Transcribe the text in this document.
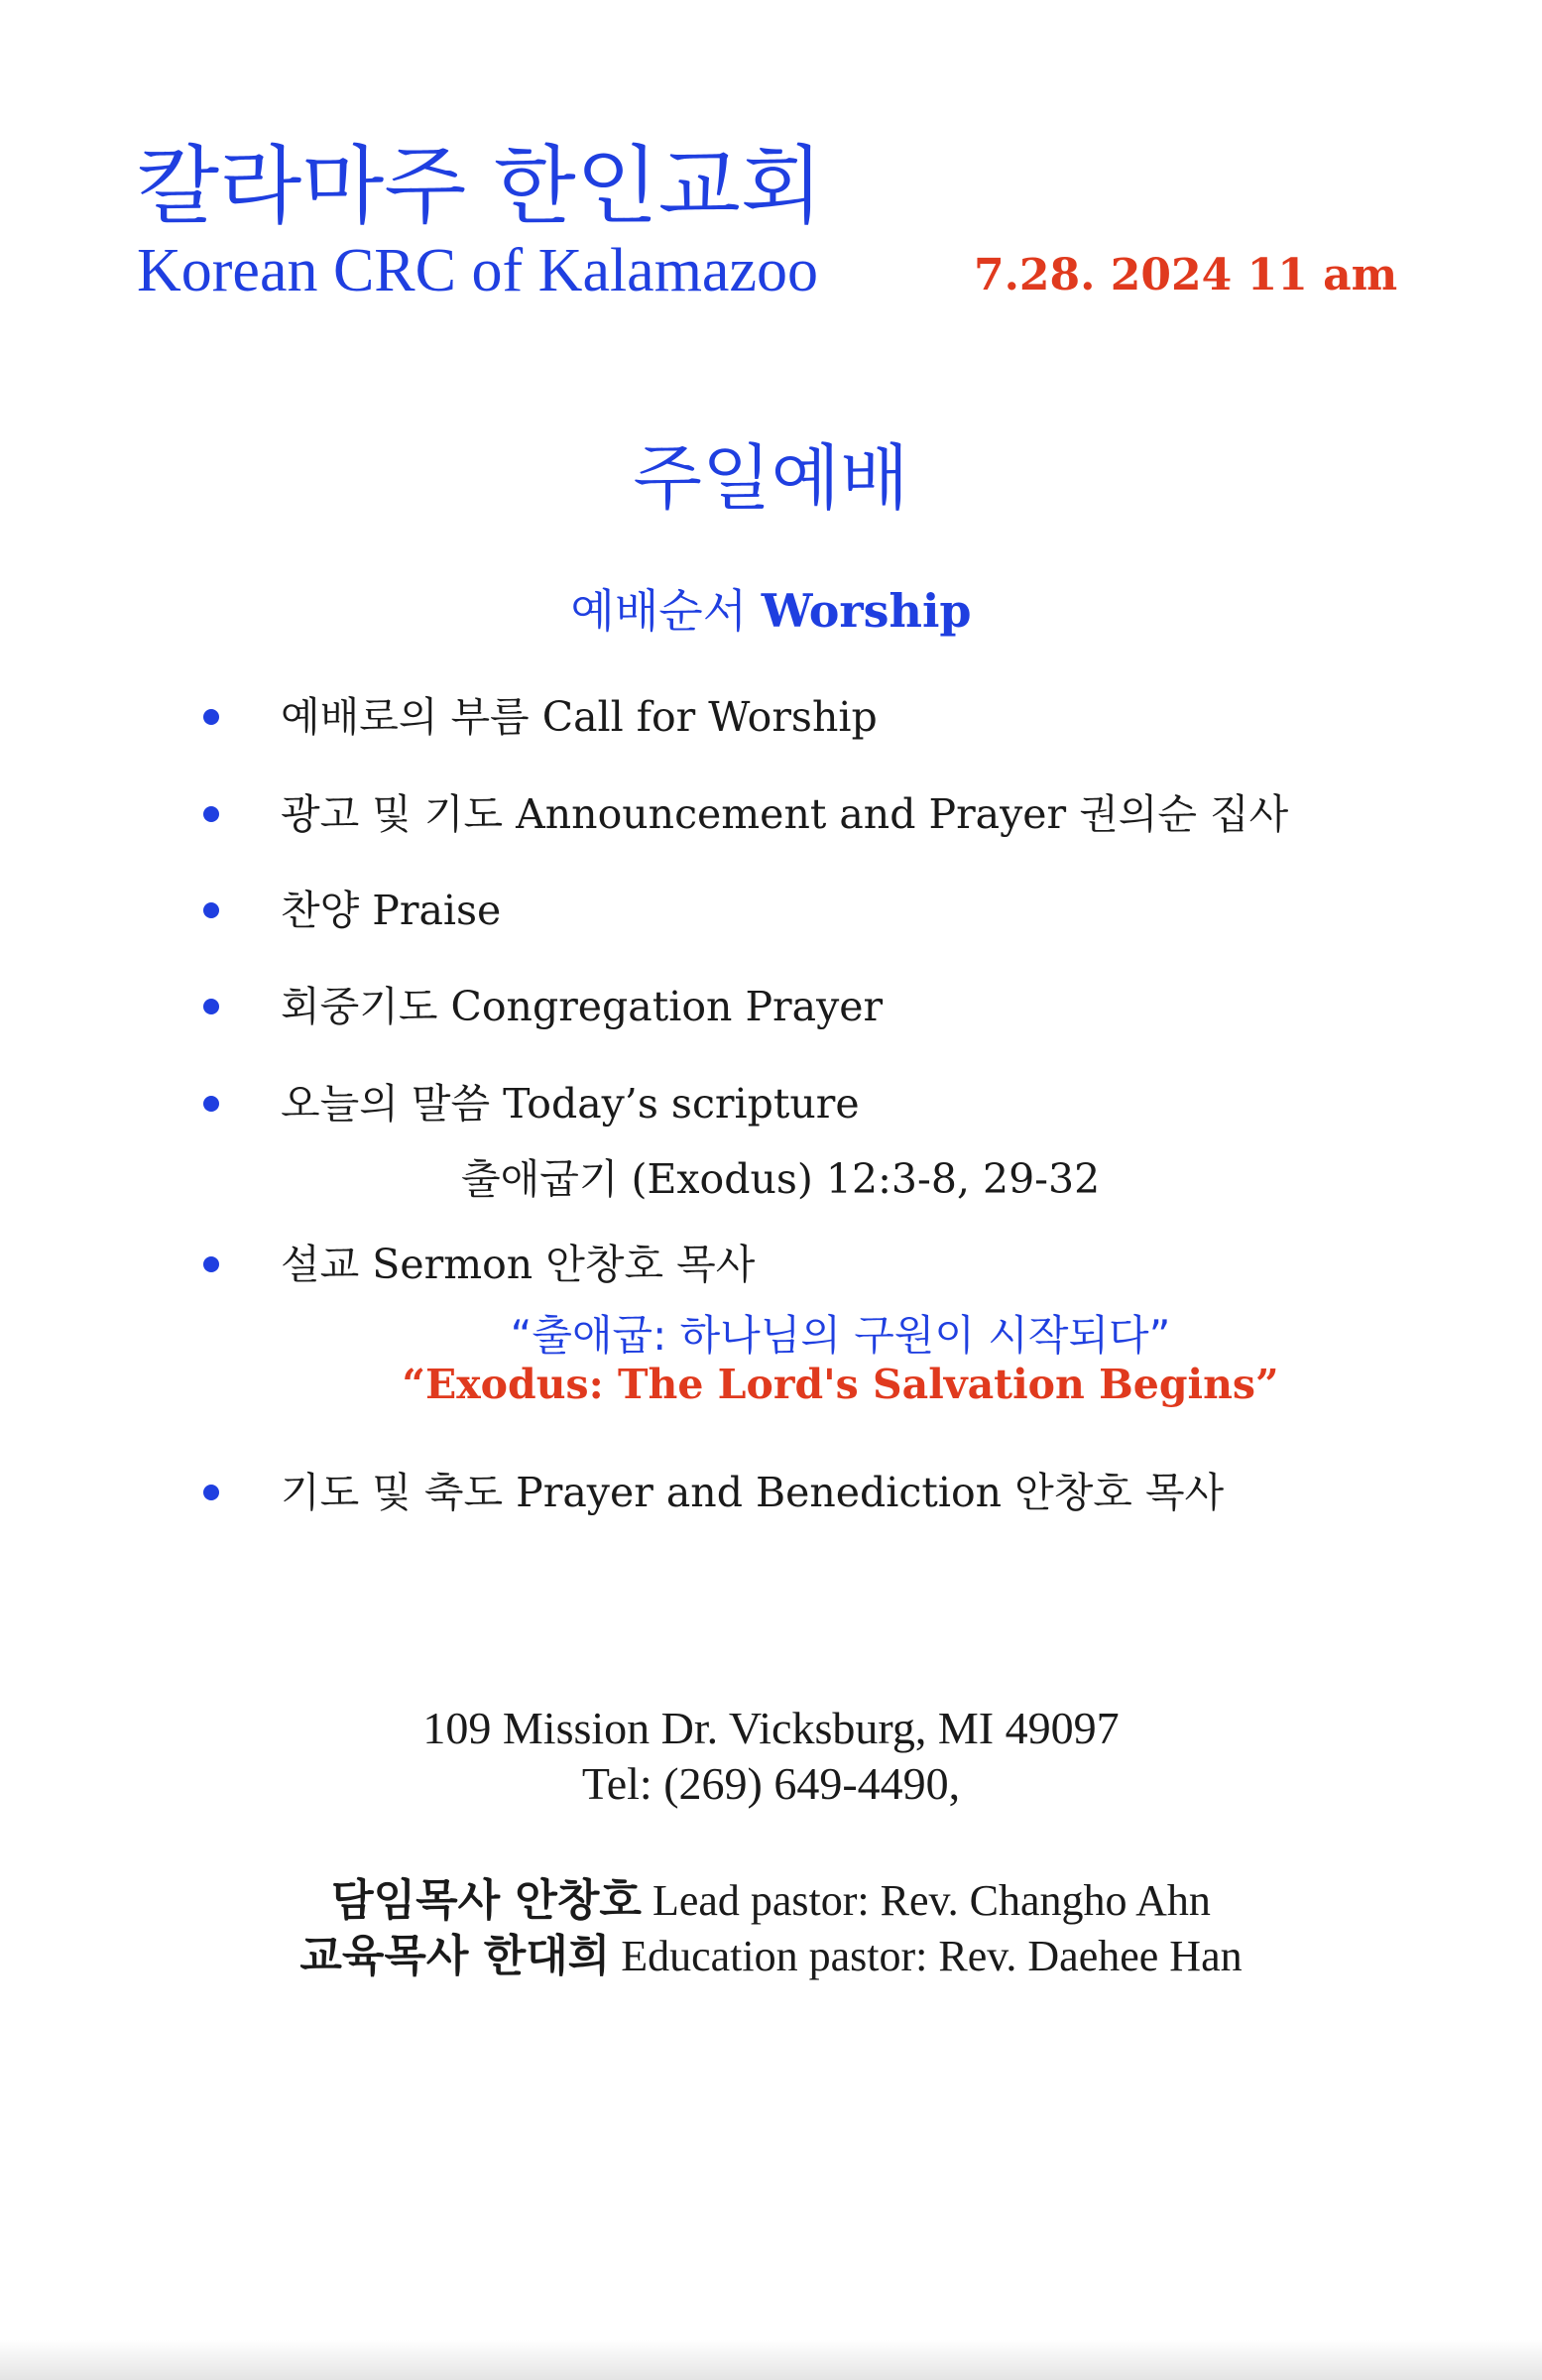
칼라마주 한인교회
Korean CRC of Kalamazoo	7.28. 2024 11 am
주일예배
예배순서 Worship
예배로의 부름 Call for Worship
광고 및 기도 Announcement and Prayer 권의순 집사
찬양 Praise
회중기도 Congregation Prayer
오늘의 말씀 Today’s scripture
출애굽기 (Exodus) 12:3-8, 29-32
설교 Sermon 안창호 목사
“출애굽: 하나님의 구원이 시작되다”
“Exodus: The Lord's Salvation Begins”
기도 및 축도 Prayer and Benediction 안창호 목사
109 Mission Dr. Vicksburg, MI 49097
Tel: (269) 649-4490,
담임목사 안창호 Lead pastor: Rev. Changho Ahn
교육목사 한대희 Education pastor: Rev. Daehee Han
